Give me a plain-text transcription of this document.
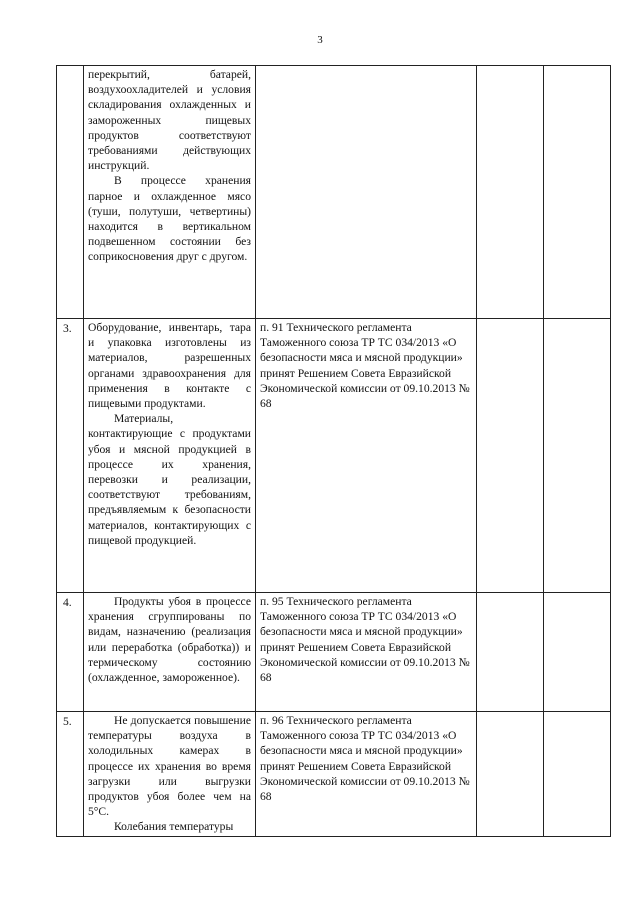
3

	перекрытий, батарей, воздухоохладителей и условия складирования охлажденных и замороженных пищевых продуктов соответствуют требованиями действующих инструкций.

В процессе хранения парное и охлажденное мясо (туши, полутуши, четвертины) находится в вертикальном подвешенном состоянии без соприкосновения друг с другом.			

3.	Оборудование, инвентарь, тара и упаковка изготовлены из материалов, разрешенных органами здравоохранения для применения в контакте с пищевыми продуктами.

Материалы, контактирующие с продуктами убоя и мясной продукцией в процессе их хранения, перевозки и реализации, соответствуют требованиям, предъявляемым к безопасности материалов, контактирующих с пищевой продукцией.	п. 91 Технического регламента Таможенного союза ТР ТС 034/2013 «О безопасности мяса и мясной продукции» принят Решением Совета Евразийской Экономической комиссии от 09.10.2013 № 68		

4.	Продукты убоя в процессе хранения сгруппированы по видам, назначению (реализация или переработка (обработка)) и термическому состоянию (охлажденное, замороженное).	п. 95 Технического регламента Таможенного союза ТР ТС 034/2013 «О безопасности мяса и мясной продукции» принят Решением Совета Евразийской Экономической комиссии от 09.10.2013 № 68		

5.	Не допускается повышение температуры воздуха в холодильных камерах в процессе их хранения во время загрузки или выгрузки продуктов убоя более чем на 5°С.

Колебания температуры	п. 96 Технического регламента Таможенного союза ТР ТС 034/2013 «О безопасности мяса и мясной продукции» принят Решением Совета Евразийской Экономической комиссии от 09.10.2013 № 68		
